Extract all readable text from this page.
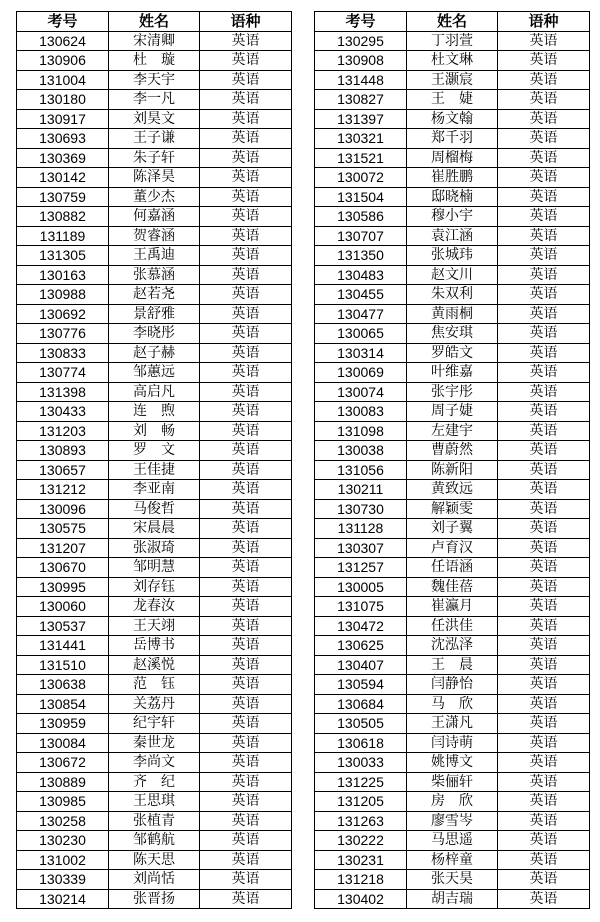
考号	姓名	语种
130624	宋清卿	英语
130906	杜　璇	英语
131004	李天宇	英语
130180	李一凡	英语
130917	刘昊文	英语
130693	王子谦	英语
130369	朱子轩	英语
130142	陈泽昊	英语
130759	董少杰	英语
130882	何嘉涵	英语
131189	贺睿涵	英语
131305	王禹迪	英语
130163	张慕涵	英语
130988	赵若尧	英语
130692	景舒雅	英语
130776	李晓彤	英语
130833	赵子赫	英语
130774	邹蕙远	英语
131398	高启凡	英语
130433	连　煦	英语
131203	刘　畅	英语
130893	罗　文	英语
130657	王佳捷	英语
131212	李亚南	英语
130096	马俊哲	英语
130575	宋晨晨	英语
131207	张淑琦	英语
130670	邹明慧	英语
130995	刘存钰	英语
130060	龙春汝	英语
130537	王天翊	英语
131441	岳博书	英语
131510	赵溪悦	英语
130638	范　钰	英语
130854	关荔丹	英语
130959	纪宇轩	英语
130084	秦世龙	英语
130672	李尚文	英语
130889	齐　纪	英语
130985	王思琪	英语
130258	张植青	英语
130230	邹鹤航	英语
131002	陈天思	英语
130339	刘尚恬	英语
130214	张晋扬	英语
考号	姓名	语种
130295	丁羽萱	英语
130908	杜文琳	英语
131448	王灏宸	英语
130827	王　婕	英语
131397	杨文翰	英语
130321	郑千羽	英语
131521	周榴梅	英语
130072	崔胜鹏	英语
131504	邸晓楠	英语
130586	穆小宇	英语
130707	袁江涵	英语
131350	张城玮	英语
130483	赵文川	英语
130455	朱双利	英语
130477	黄雨桐	英语
130065	焦安琪	英语
130314	罗皓文	英语
130069	叶维嘉	英语
130074	张宇彤	英语
130083	周子婕	英语
131098	左建宇	英语
130038	曹蔚然	英语
131056	陈新阳	英语
130211	黄致远	英语
130730	解颖雯	英语
131128	刘子翼	英语
130307	卢育汉	英语
131257	任语涵	英语
130005	魏佳蓓	英语
131075	崔瀛月	英语
130472	任洪佳	英语
130625	沈泓泽	英语
130407	王　晨	英语
130594	闫静怡	英语
130684	马　欣	英语
130505	王潇凡	英语
130618	闫诗萌	英语
130033	姚博文	英语
131225	柴俪轩	英语
131205	房　欣	英语
131263	廖雪岑	英语
130222	马思遥	英语
130231	杨梓童	英语
131218	张天昊	英语
130402	胡吉瑞	英语
